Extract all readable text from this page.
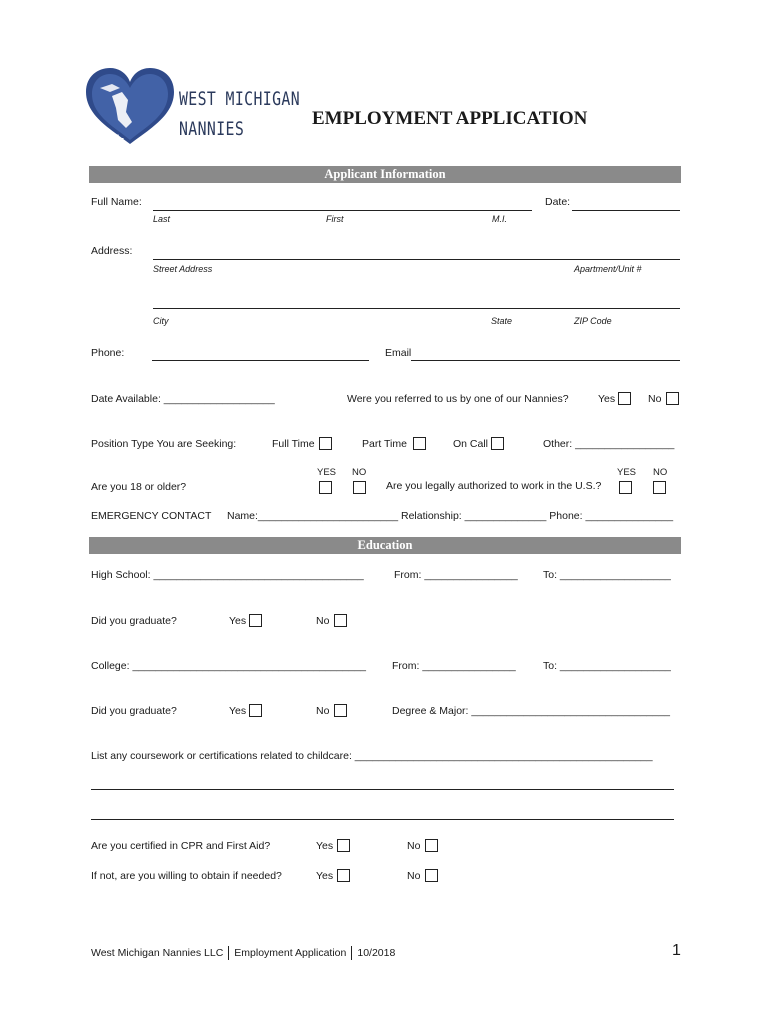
WEST MICHIGAN
NANNIES	EMPLOYMENT APPLICATION
Applicant Information
Full Name:	Date:
Last	First	M.I.
Address:
Street Address	Apartment/Unit #
City	State	ZIP Code
Phone:	Email
Date Available: ___________________	Were you referred to us by one of our Nannies?	Yes	No
Position Type You are Seeking:	Full Time	Part Time	On Call	Other: _________________
YES NO	YES NO
Are you 18 or older?	Are you legally authorized to work in the U.S.?
EMERGENCY CONTACT Name:________________________ Relationship: ______________ Phone: _______________
Education
High School: ____________________________________	From: ________________ To: ___________________
Did you graduate?	Yes	No
College: ________________________________________ From: ________________	To: ___________________
Did you graduate?	Yes	No	Degree & Major: __________________________________
List any coursework or certifications related to childcare: ___________________________________________________
Are you certified in CPR and First Aid?	Yes	No
If not, are you willing to obtain if needed?	Yes	No
West Michigan Nannies LLC Employment Application 10/2018	1
